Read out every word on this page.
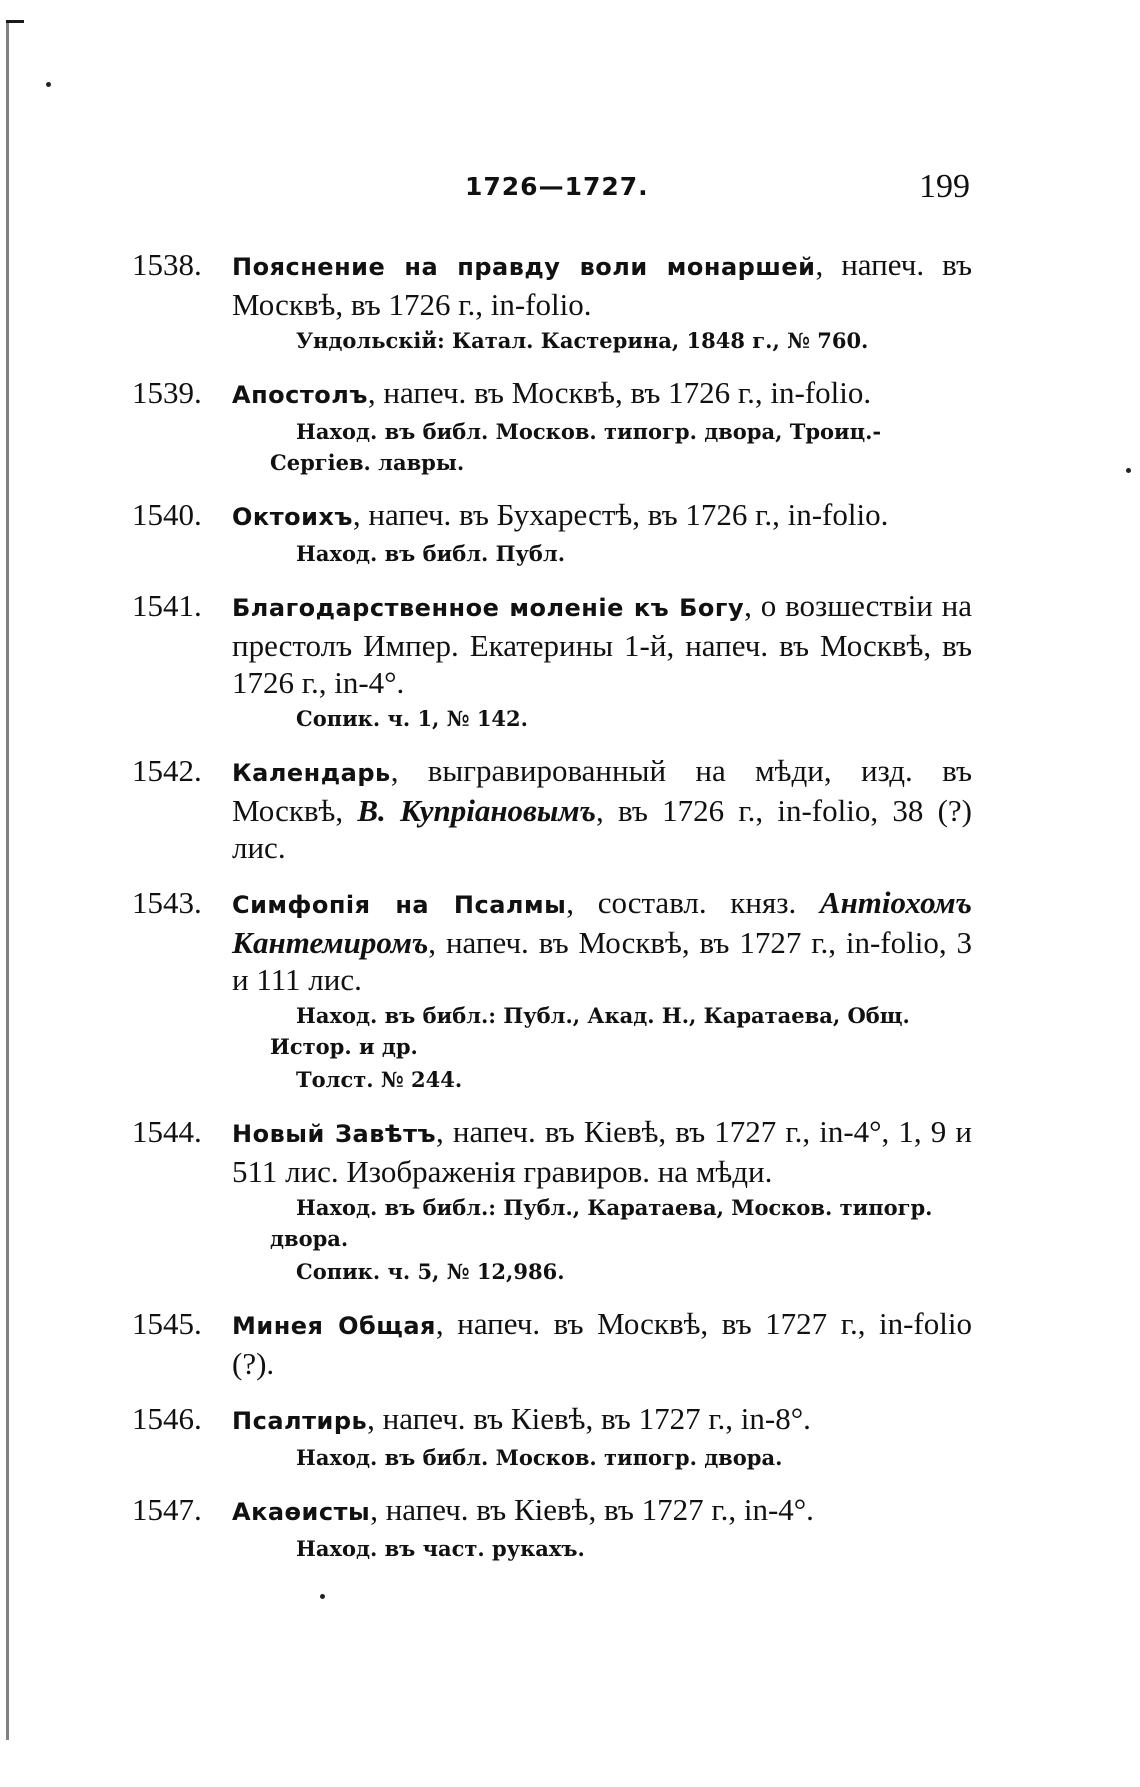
1726—1727.	199
1538. Пояснение на правду воли монаршей, напеч. въ Москвѣ, въ 1726 г., in-folio.
Ундольскій: Катал. Кастерина, 1848 г., № 760.
1539. Апостолъ, напеч. въ Москвѣ, въ 1726 г., in-folio.
Наход. въ библ. Москов. типогр. двора, Троиц.-Сергіев. лавры.
1540. Октоихъ, напеч. въ Бухарестѣ, въ 1726 г., in-folio.
Наход. въ библ. Публ.
1541. Благодарственное моленіе къ Богу, о возшествіи на престолъ Импер. Екатерины 1-й, напеч. въ Москвѣ, въ 1726 г., in-4°.
Сопик. ч. 1, № 142.
1542. Календарь, выгравированный на мѣди, изд. въ Москвѣ, В. Купріановымъ, въ 1726 г., in-folio, 38 (?) лис.
1543. Симфопія на Псалмы, составл. княз. Антіохомъ Кантемиромъ, напеч. въ Москвѣ, въ 1727 г., in-folio, 3 и 111 лис.
Наход. въ библ.: Публ., Акад. Н., Каратаева, Общ. Истор. и др.
Толст. № 244.
1544. Новый Завѣтъ, напеч. въ Кіевѣ, въ 1727 г., in-4°, 1, 9 и 511 лис. Изображенія гравиров. на мѣди.
Наход. въ библ.: Публ., Каратаева, Москов. типогр. двора.
Сопик. ч. 5, № 12,986.
1545. Минея Общая, напеч. въ Москвѣ, въ 1727 г., in-folio (?).
1546. Псалтирь, напеч. въ Кіевѣ, въ 1727 г., in-8°.
Наход. въ библ. Москов. типогр. двора.
1547. Акаѳисты, напеч. въ Кіевѣ, въ 1727 г., in-4°.
Наход. въ част. рукахъ.
